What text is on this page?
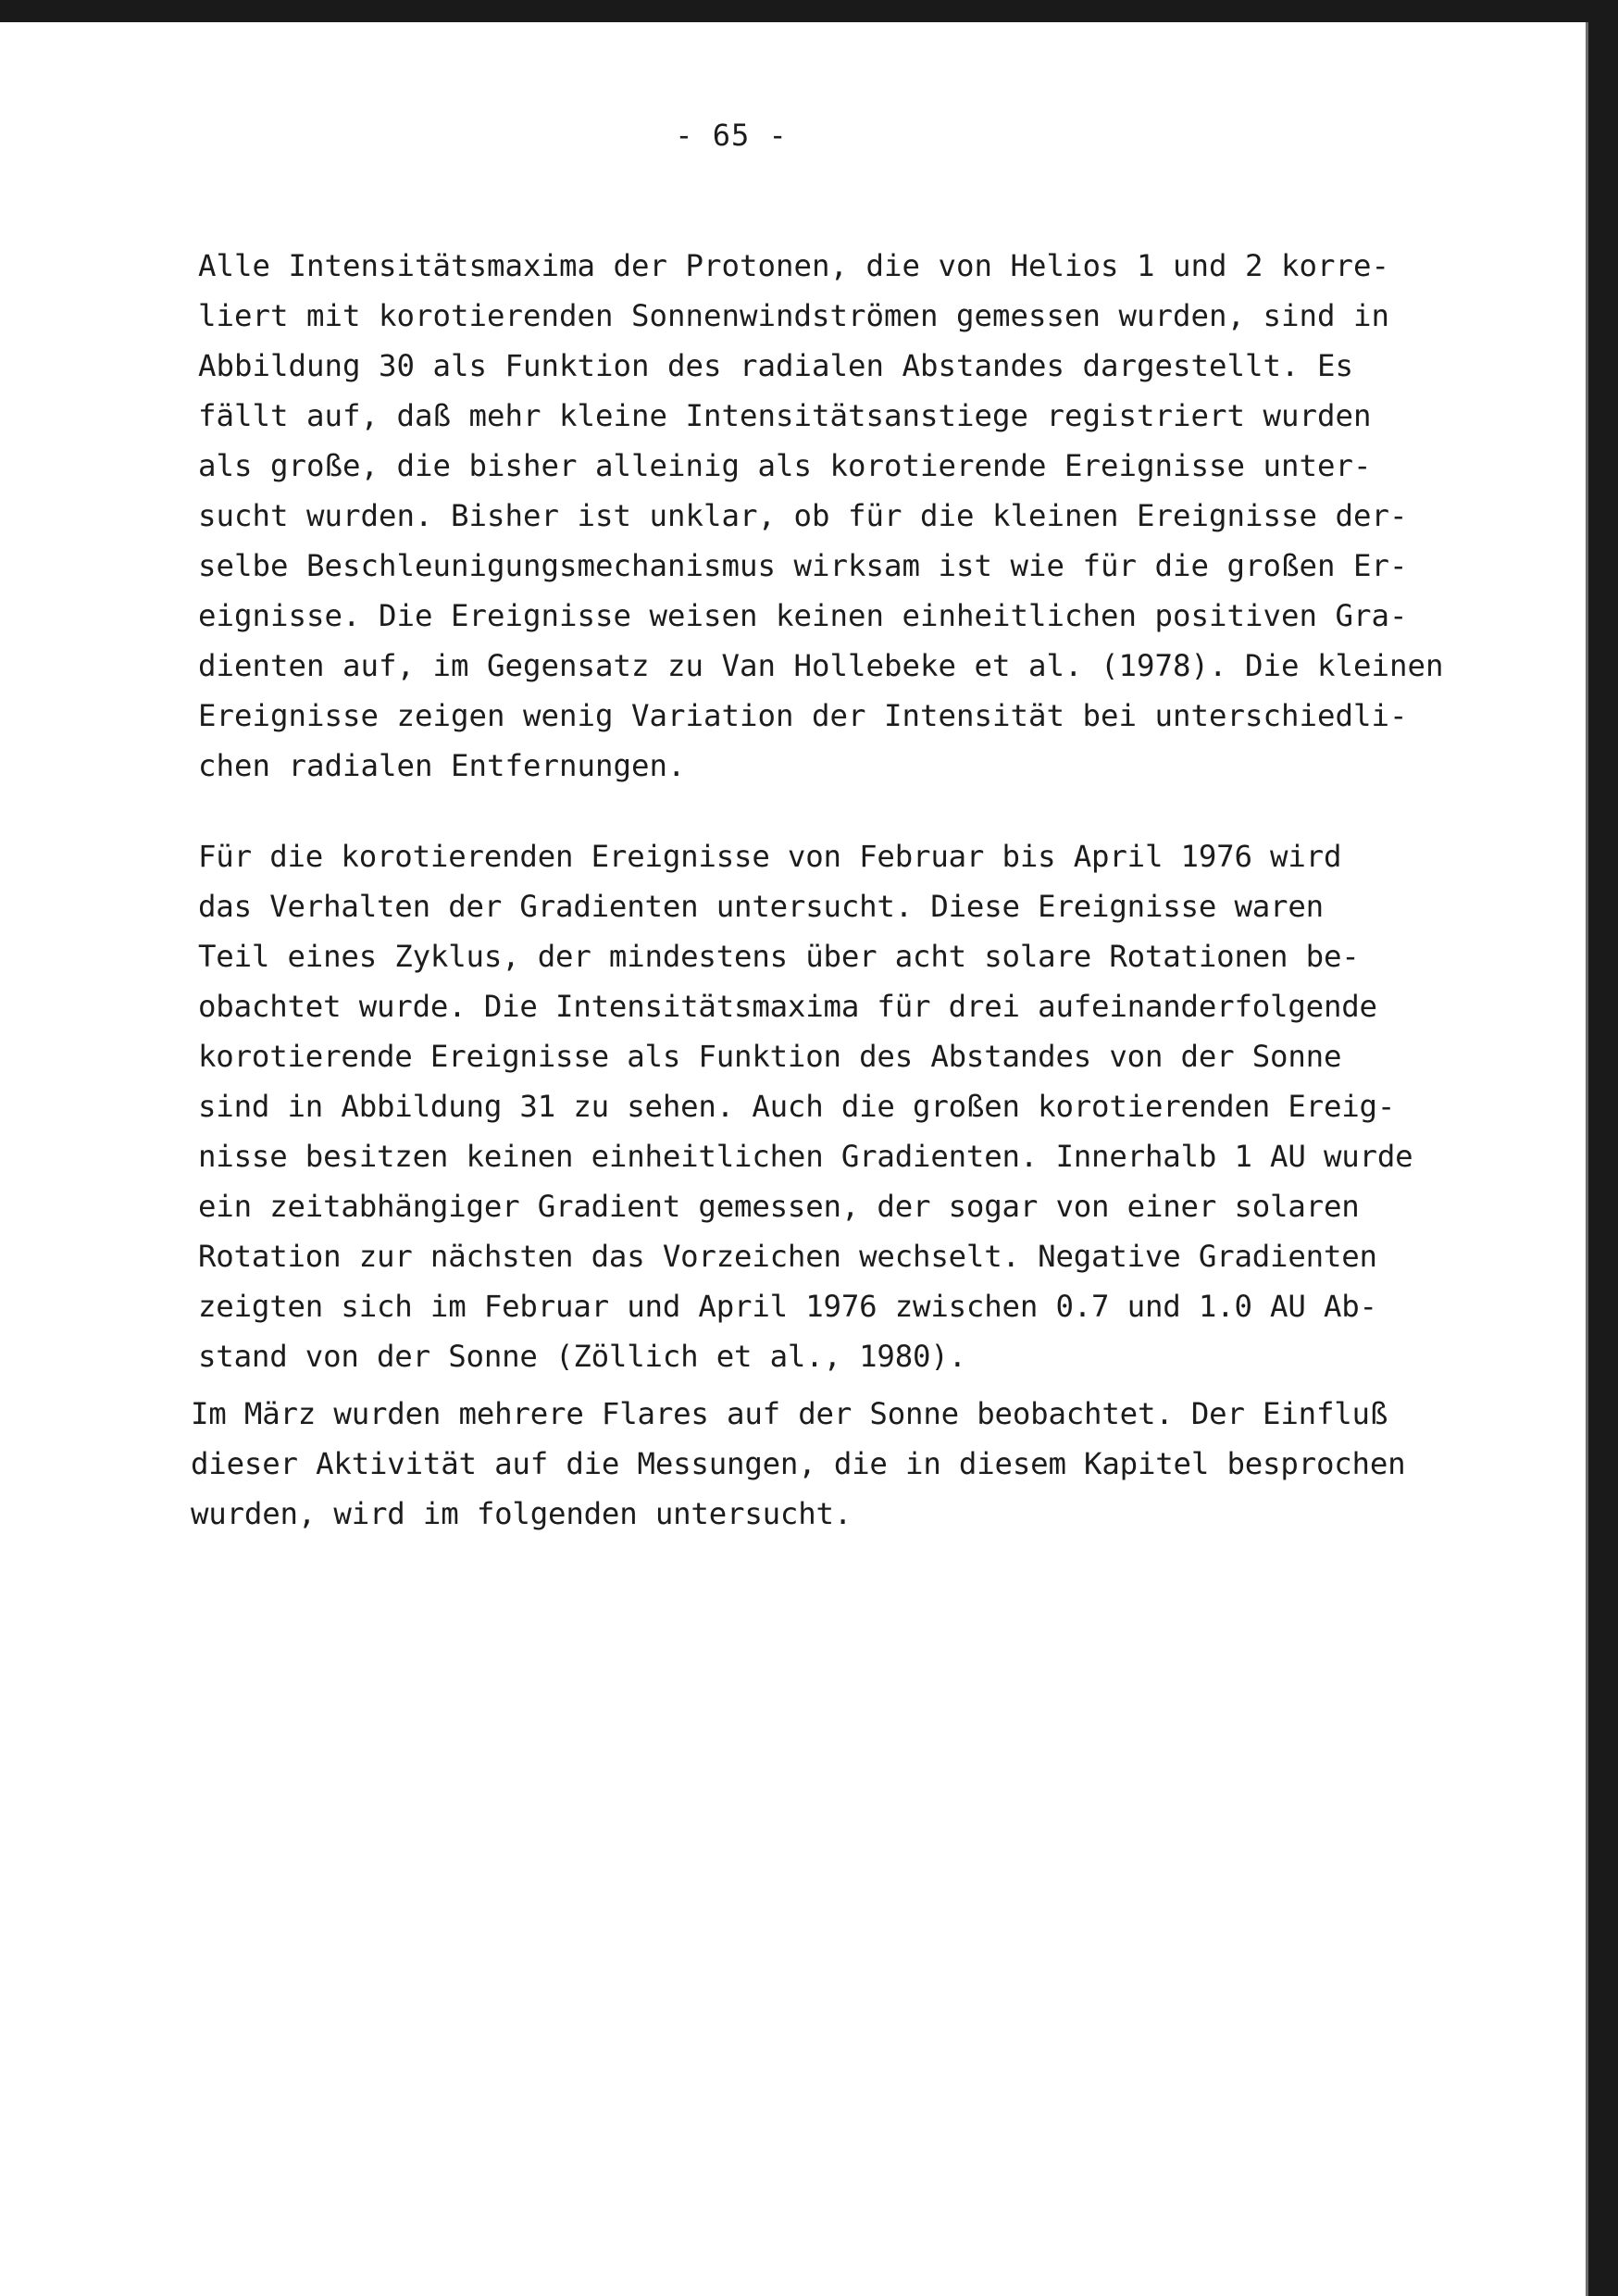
- 65 -
Alle Intensitätsmaxima der Protonen, die von Helios 1 und 2 korre-
liert mit korotierenden Sonnenwindströmen gemessen wurden, sind in
Abbildung 30 als Funktion des radialen Abstandes dargestellt. Es
fällt auf, daß mehr kleine Intensitätsanstiege registriert wurden
als große, die bisher alleinig als korotierende Ereignisse unter-
sucht wurden. Bisher ist unklar, ob für die kleinen Ereignisse der-
selbe Beschleunigungsmechanismus wirksam ist wie für die großen Er-
eignisse. Die Ereignisse weisen keinen einheitlichen positiven Gra-
dienten auf, im Gegensatz zu Van Hollebeke et al. (1978). Die kleinen
Ereignisse zeigen wenig Variation der Intensität bei unterschiedli-
chen radialen Entfernungen.
Für die korotierenden Ereignisse von Februar bis April 1976 wird
das Verhalten der Gradienten untersucht. Diese Ereignisse waren
Teil eines Zyklus, der mindestens über acht solare Rotationen be-
obachtet wurde. Die Intensitätsmaxima für drei aufeinanderfolgende
korotierende Ereignisse als Funktion des Abstandes von der Sonne
sind in Abbildung 31 zu sehen. Auch die großen korotierenden Ereig-
nisse besitzen keinen einheitlichen Gradienten. Innerhalb 1 AU wurde
ein zeitabhängiger Gradient gemessen, der sogar von einer solaren
Rotation zur nächsten das Vorzeichen wechselt. Negative Gradienten
zeigten sich im Februar und April 1976 zwischen 0.7 und 1.0 AU Ab-
stand von der Sonne (Zöllich et al., 1980).
Im März wurden mehrere Flares auf der Sonne beobachtet. Der Einfluß
dieser Aktivität auf die Messungen, die in diesem Kapitel besprochen
wurden, wird im folgenden untersucht.
